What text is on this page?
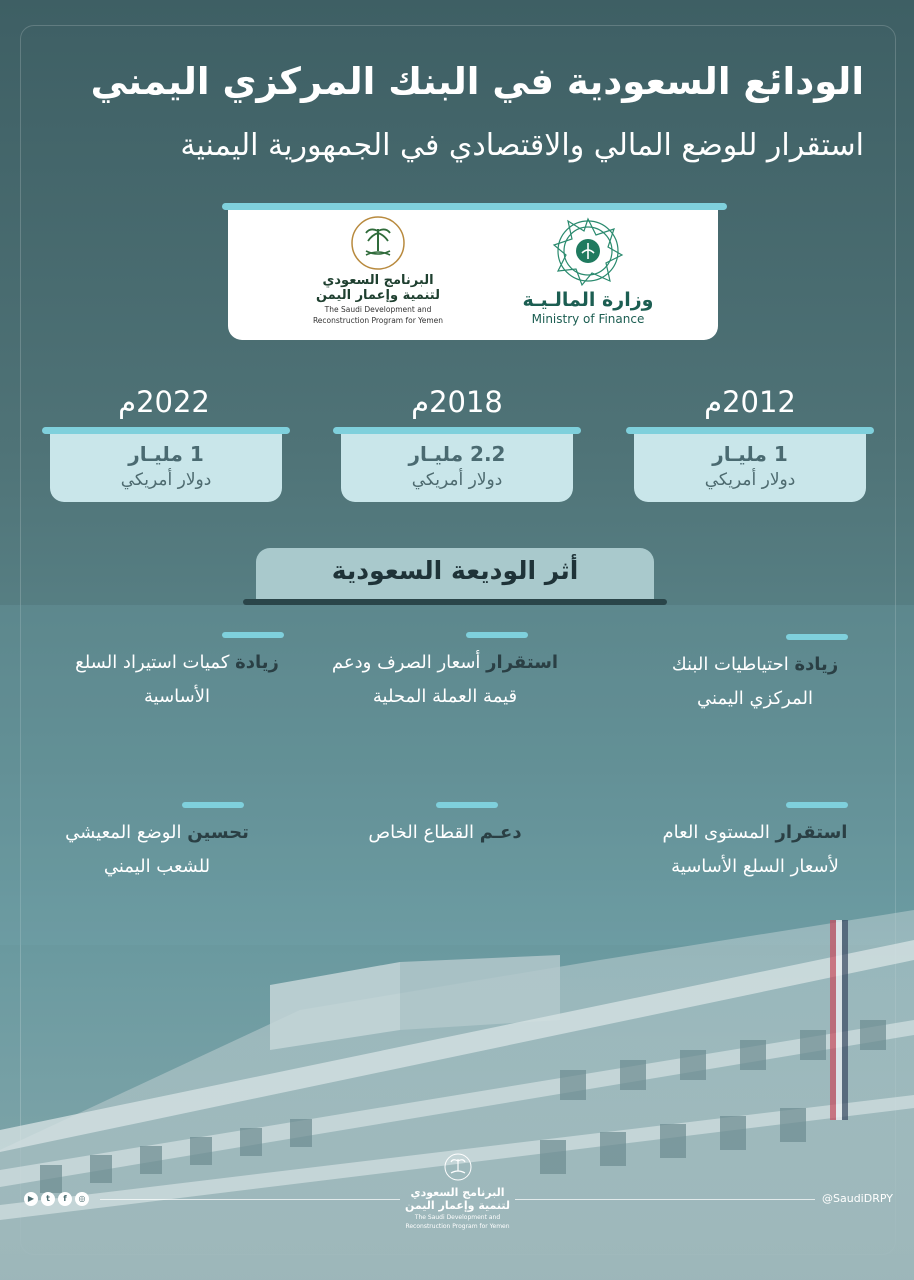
الودائع السعودية في البنك المركزي اليمني
استقرار للوضع المالي والاقتصادي في الجمهورية اليمنية
وزارة المالـيـة
Ministry of Finance
البرنامج السعودي
لتنمية وإعمار اليمن
The Saudi Development and
Reconstruction Program for Yemen
2012م
1 مليـار
دولار أمريكي
2018م
2.2 مليـار
دولار أمريكي
2022م
1 مليـار
دولار أمريكي
أثر الوديعة السعودية
زيادة احتياطيات البنك المركزي اليمني
استقرار أسعار الصرف ودعم قيمة العملة المحلية
زيادة كميات استيراد السلع الأساسية
استقرار المستوى العام لأسعار السلع الأساسية
دعـم القطاع الخاص
تحسين الوضع المعيشي للشعب اليمني
▶	t	f	◎	@SaudiDRPY
البرنامج السعودي
لتنمية وإعمار اليمن
The Saudi Development and
Reconstruction Program for Yemen
